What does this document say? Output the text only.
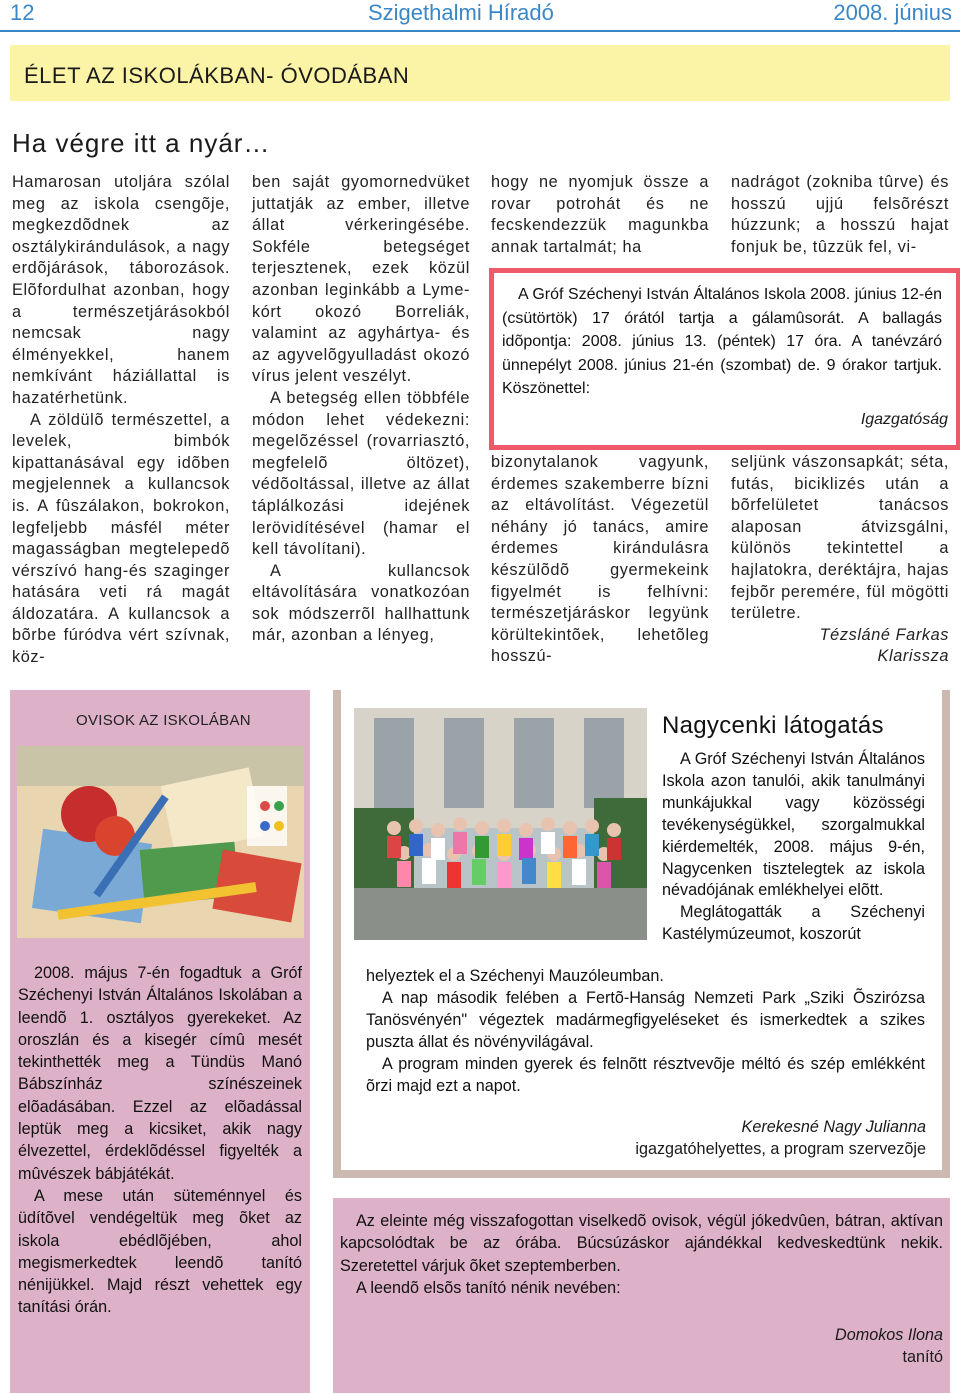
12	Szigethalmi Híradó	2008. június
ÉLET AZ ISKOLÁKBAN- ÓVODÁBAN
Ha végre itt a nyár…

Hamarosan utoljára szólal meg az iskola csengõje, megkezdõdnek az osztálykirándulások, a nagy erdõjárások, táborozások. Elõfordulhat azonban, hogy a természetjárásokból nemcsak nagy élményekkel, hanem nemkívánt háziállattal is hazatérhetünk.

A zöldülõ természettel, a levelek, bimbók kipattanásával egy idõben megjelennek a kullancsok is. A fûszálakon, bokrokon, legfeljebb másfél méter magasságban megtelepedõ vérszívó hang-és szaginger hatására veti rá magát áldozatára. A kullancsok a bõrbe fúródva vért szívnak, köz-

ben saját gyomornedvüket juttatják az ember, illetve állat vérkeringésébe. Sokféle betegséget terjesztenek, ezek közül azonban leginkább a Lyme-kórt okozó Borreliák, valamint az agyhártya- és az agyvelõgyulladást okozó vírus jelent veszélyt.

A betegség ellen többféle módon lehet védekezni: megelõzéssel (rovarriasztó, megfelelõ öltözet), védõoltással, illetve az állat táplálkozási idejének lerövidítésével (hamar el kell távolítani).

A kullancsok eltávolítására vonatkozóan sok módszerrõl hallhattunk már, azonban a lényeg,

hogy ne nyomjuk össze a rovar potrohát és ne fecskendezzük magunkba annak tartalmát; ha

bizonytalanok vagyunk, érdemes szakemberre bízni az eltávolítást. Végezetül néhány jó tanács, amire érdemes kirándulásra készülõdõ gyermekeink figyelmét is felhívni: természetjáráskor legyünk körültekintõek, lehetõleg hosszú-

nadrágot (zokniba tûrve) és hosszú ujjú felsõrészt húzzunk; a hosszú hajat fonjuk be, tûzzük fel, vi-

seljünk vászonsapkát; séta, futás, biciklizés után a bõrfelületet tanácsos alaposan átvizsgálni, különös tekintettel a hajlatokra, deréktájra, hajas fejbõr peremére, fül mögötti területre.

Tézsláné Farkas
Klarissza

A Gróf Széchenyi István Általános Iskola 2008. június 12-én (csütörtök) 17 órától tartja a gálamûsorát. A ballagás idõpontja: 2008. június 13. (péntek) 17 óra. A tanévzáró ünnepélyt 2008. június 21-én (szombat) de. 9 órakor tartjuk. Köszönettel:

Igazgatóság
OVISOK AZ ISKOLÁBAN

2008. május 7-én fogadtuk a Gróf Széchenyi István Általános Iskolában a leendõ 1. osztályos gyerekeket. Az oroszlán és a kisegér címû mesét tekinthették meg a Tündüs Manó Bábszínház színészeinek elõadásában. Ezzel az elõadással leptük meg a kicsiket, akik nagy élvezettel, érdeklõdéssel figyelték a mûvészek bábjátékát.

A mese után süteménnyel és üdítõvel vendégeltük meg õket az iskola ebédlõjében, ahol megismerkedtek leendõ tanító nénijükkel. Majd részt vehettek egy tanítási órán.

Nagycenki látogatás

A Gróf Széchenyi István Általános Iskola azon tanulói, akik tanulmányi munkájukkal vagy közösségi tevékenységükkel, szorgalmukkal kiérdemelték, 2008. május 9-én, Nagycenken tisztelegtek az iskola névadójának emlékhelyei elõtt.

Meglátogatták a Széchenyi Kastélymúzeumot, koszorút

helyeztek el a Széchenyi Mauzóleumban.

A nap második felében a Fertõ-Hanság Nemzeti Park „Sziki Õszirózsa Tanösvényén" végeztek madármegfigyeléseket és ismerkedtek a szikes puszta állat és növényvilágával.

A program minden gyerek és felnõtt résztvevõje méltó és szép emlékként õrzi majd ezt a napot.

Kerekesné Nagy Julianna
igazgatóhelyettes, a program szervezõje

Az eleinte még visszafogottan viselkedõ ovisok, végül jókedvûen, bátran, aktívan kapcsolódtak be az órába. Búcsúzáskor ajándékkal kedveskedtünk nekik. Szeretettel várjuk õket szeptemberben.

A leendõ elsõs tanító nénik nevében:

Domokos Ilona
tanító
